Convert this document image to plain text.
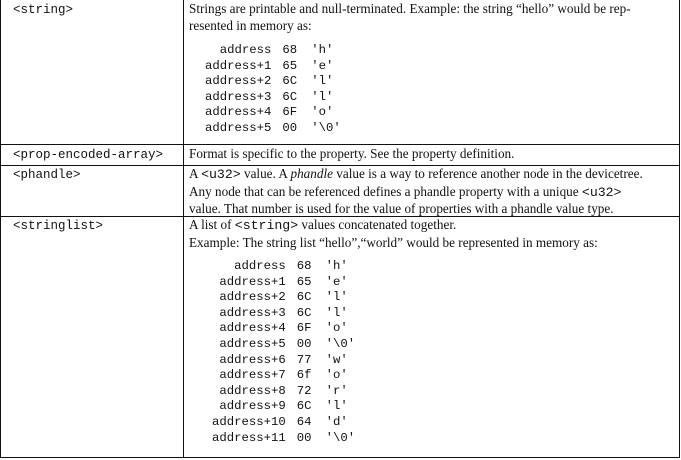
<string>	Strings are printable and null-terminated. Example: the string “hello” would be rep-

resented in memory as:

address	68	'h'
address+1	65	'e'
address+2	6C	'l'
address+3	6C	'l'
address+4	6F	'o'
address+5	00	'\0'
<prop-encoded-array> Format is specific to the property. See the property definition.
<phandle>	A <u32> value. A phandle value is a way to reference another node in the devicetree.

Any node that can be referenced defines a phandle property with a unique <u32>

value. That number is used for the value of properties with a phandle value type.

<stringlist>	A list of <string> values concatenated together.

Example: The string list “hello”,“world” would be represented in memory as:

address	68	'h'
address+1	65	'e'
address+2	6C	'l'
address+3	6C	'l'
address+4	6F	'o'
address+5	00	'\0'
address+6	77	'w'
address+7	6f	'o'
address+8	72	'r'
address+9	6C	'l'
address+10	64	'd'
address+11	00	'\0'
